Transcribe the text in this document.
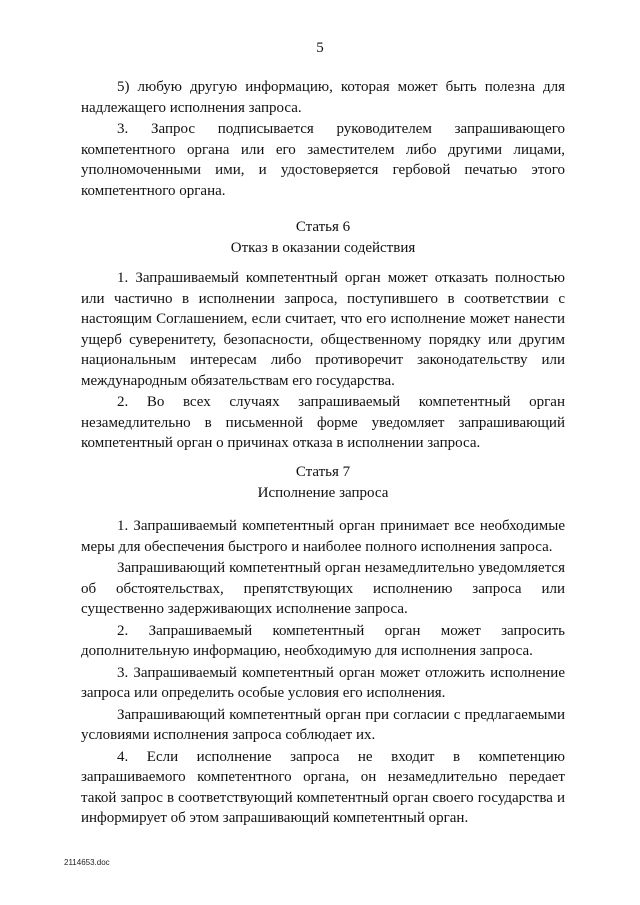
5

5) любую другую информацию, которая может быть полезна для надлежащего исполнения запроса.

3. Запрос подписывается руководителем запрашивающего компетентного органа или его заместителем либо другими лицами, уполномоченными ими, и удостоверяется гербовой печатью этого компетентного органа.

Статья 6
Отказ в оказании содействия

1. Запрашиваемый компетентный орган может отказать полностью или частично в исполнении запроса, поступившего в соответствии с настоящим Соглашением, если считает, что его исполнение может нанести ущерб суверенитету, безопасности, общественному порядку или другим национальным интересам либо противоречит законодательству или международным обязательствам его государства.

2. Во всех случаях запрашиваемый компетентный орган незамедлительно в письменной форме уведомляет запрашивающий компетентный орган о причинах отказа в исполнении запроса.

Статья 7
Исполнение запроса

1. Запрашиваемый компетентный орган принимает все необходимые меры для обеспечения быстрого и наиболее полного исполнения запроса.

Запрашивающий компетентный орган незамедлительно уведомляется об обстоятельствах, препятствующих исполнению запроса или существенно задерживающих исполнение запроса.

2. Запрашиваемый компетентный орган может запросить дополнительную информацию, необходимую для исполнения запроса.

3. Запрашиваемый компетентный орган может отложить исполнение запроса или определить особые условия его исполнения.

Запрашивающий компетентный орган при согласии с предлагаемыми условиями исполнения запроса соблюдает их.

4. Если исполнение запроса не входит в компетенцию запрашиваемого компетентного органа, он незамедлительно передает такой запрос в соответствующий компетентный орган своего государства и информирует об этом запрашивающий компетентный орган.

2114653.doc
